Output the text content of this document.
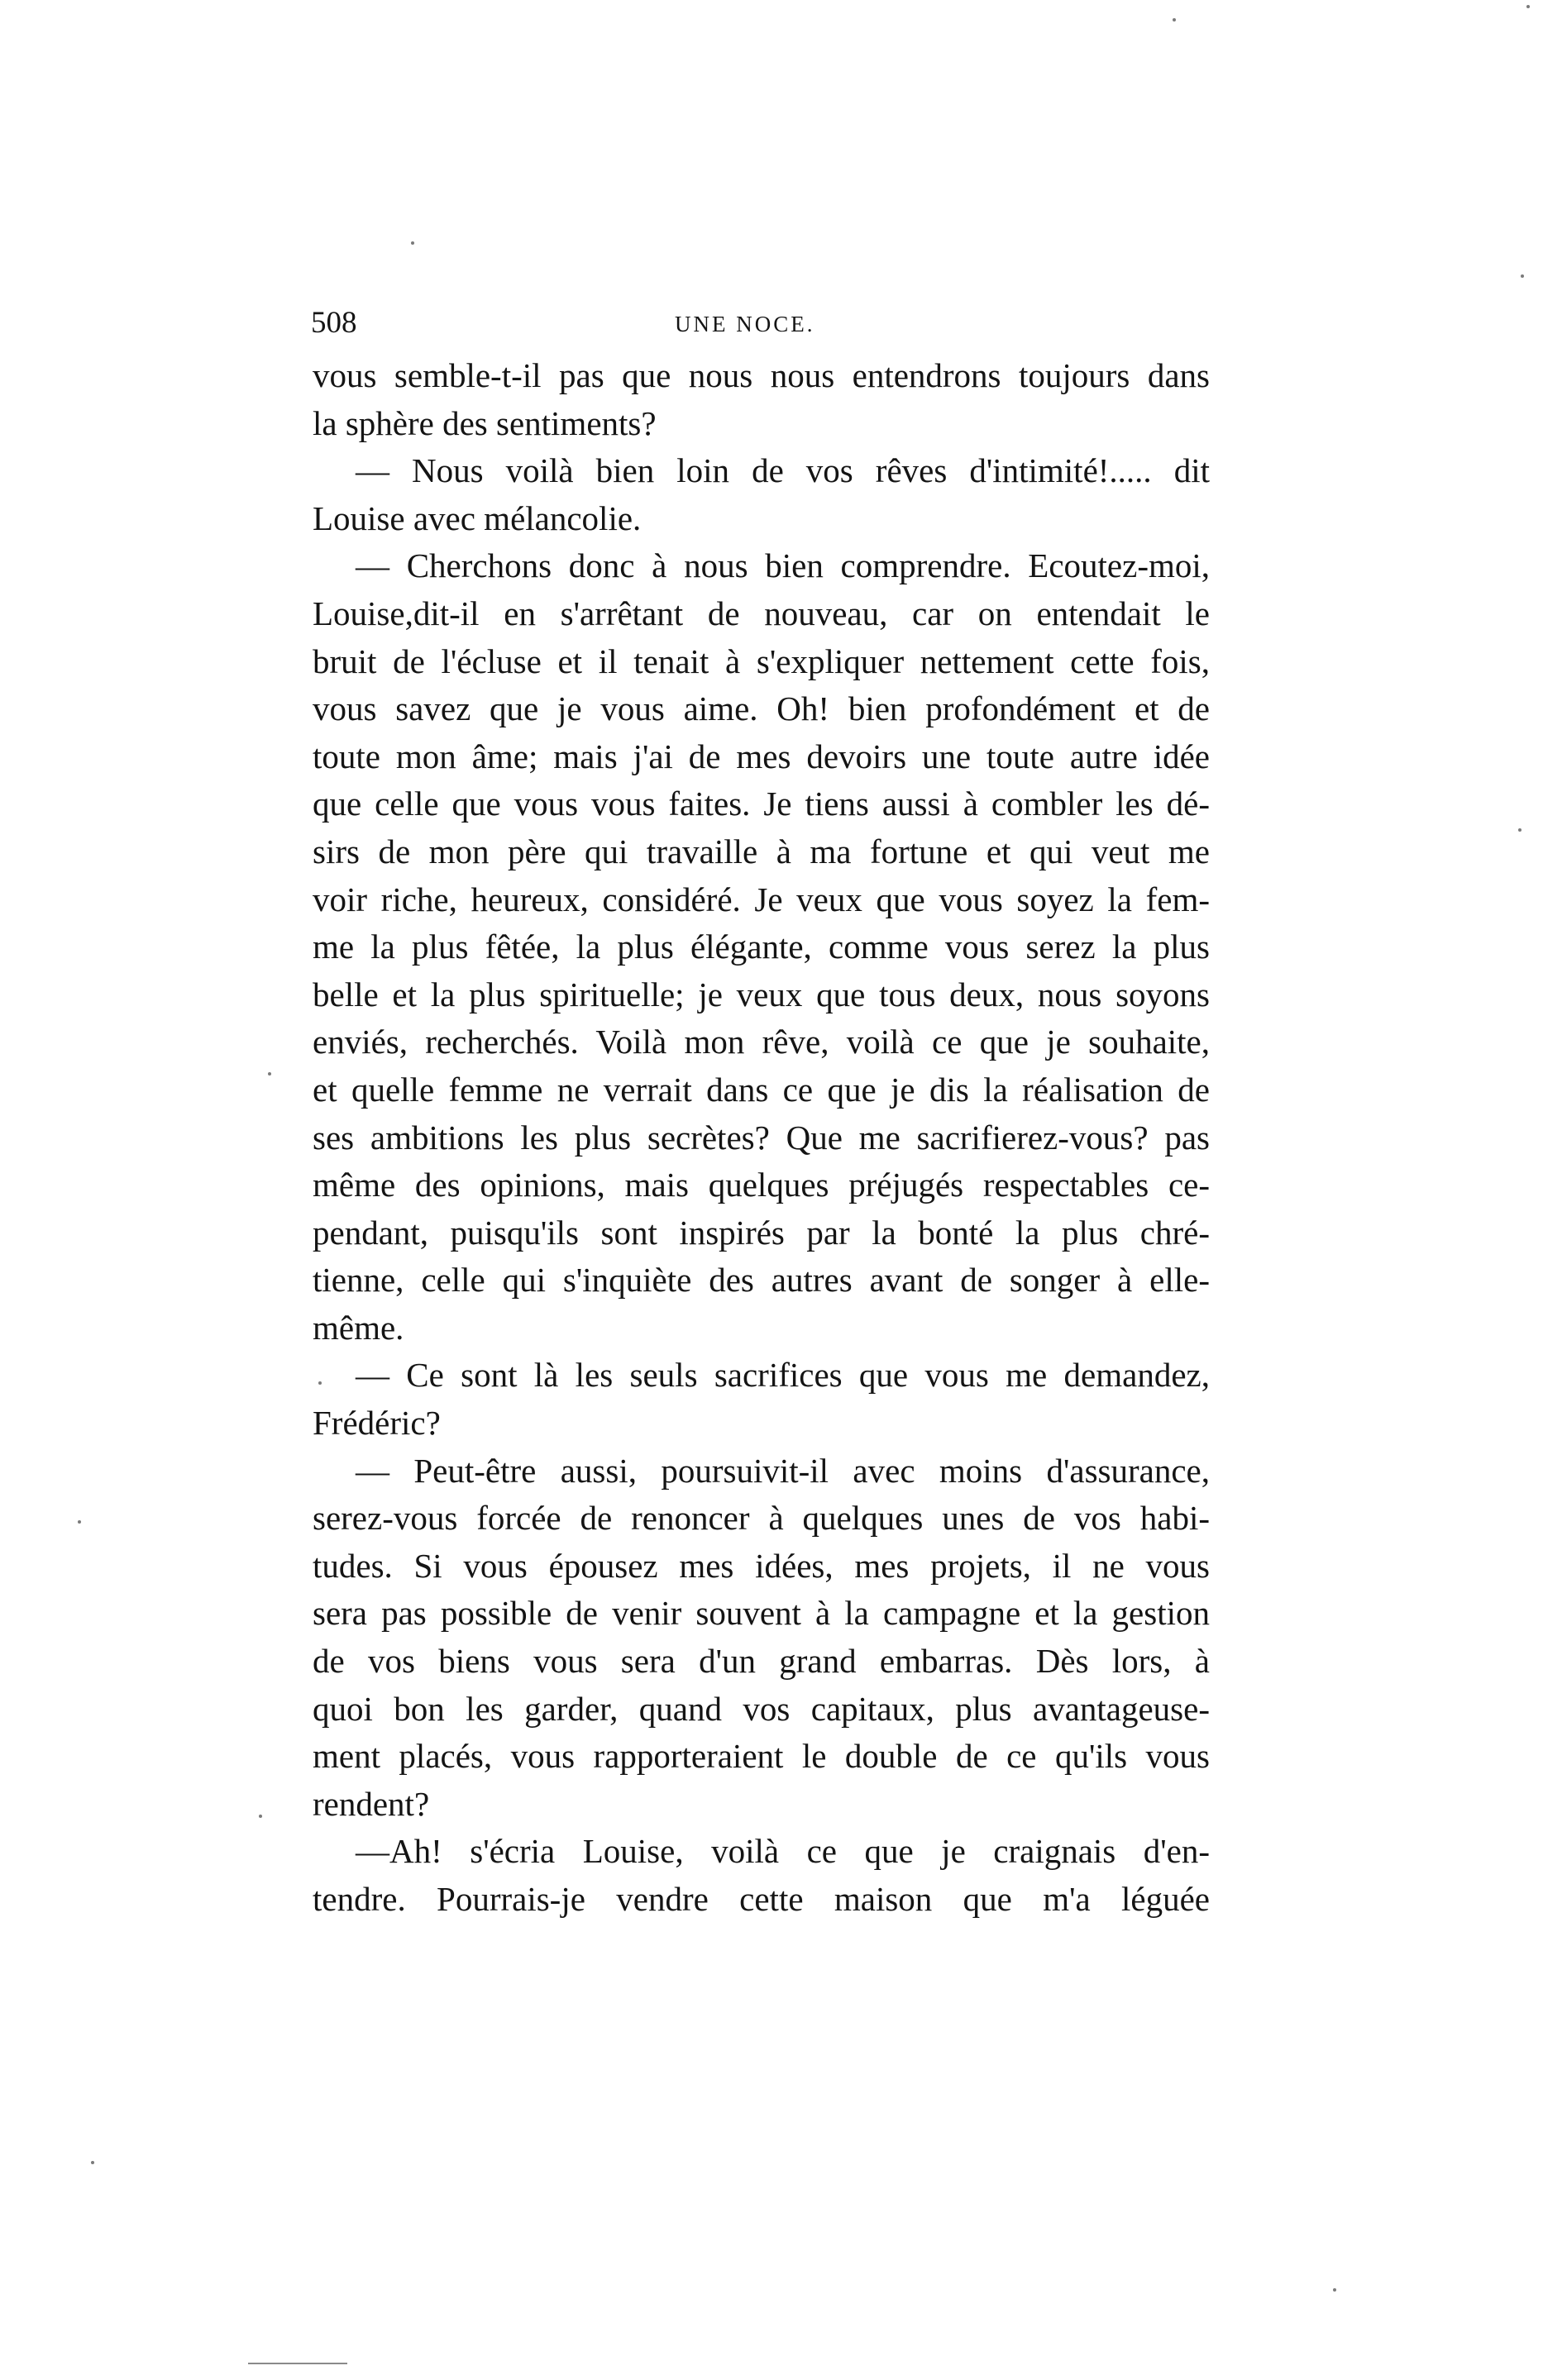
508	UNE NOCE.
vous semble-t-il pas que nous nous entendrons toujours dans
la sphère des sentiments?
— Nous voilà bien loin de vos rêves d'intimité!..... dit
Louise avec mélancolie.
— Cherchons donc à nous bien comprendre. Ecoutez-moi,
Louise,dit-il en s'arrêtant de nouveau, car on entendait le
bruit de l'écluse et il tenait à s'expliquer nettement cette fois,
vous savez que je vous aime. Oh! bien profondément et de
toute mon âme; mais j'ai de mes devoirs une toute autre idée
que celle que vous vous faites. Je tiens aussi à combler les dé-
sirs de mon père qui travaille à ma fortune et qui veut me
voir riche, heureux, considéré. Je veux que vous soyez la fem-
me la plus fêtée, la plus élégante, comme vous serez la plus
belle et la plus spirituelle; je veux que tous deux, nous soyons
enviés, recherchés. Voilà mon rêve, voilà ce que je souhaite,
et quelle femme ne verrait dans ce que je dis la réalisation de
ses ambitions les plus secrètes? Que me sacrifierez-vous? pas
même des opinions, mais quelques préjugés respectables ce-
pendant, puisqu'ils sont inspirés par la bonté la plus chré-
tienne, celle qui s'inquiète des autres avant de songer à elle-
même.
— Ce sont là les seuls sacrifices que vous me demandez,
Frédéric?
— Peut-être aussi, poursuivit-il avec moins d'assurance,
serez-vous forcée de renoncer à quelques unes de vos habi-
tudes. Si vous épousez mes idées, mes projets, il ne vous
sera pas possible de venir souvent à la campagne et la gestion
de vos biens vous sera d'un grand embarras. Dès lors, à
quoi bon les garder, quand vos capitaux, plus avantageuse-
ment placés, vous rapporteraient le double de ce qu'ils vous
rendent?
—Ah! s'écria Louise, voilà ce que je craignais d'en-
tendre. Pourrais-je vendre cette maison que m'a léguée
